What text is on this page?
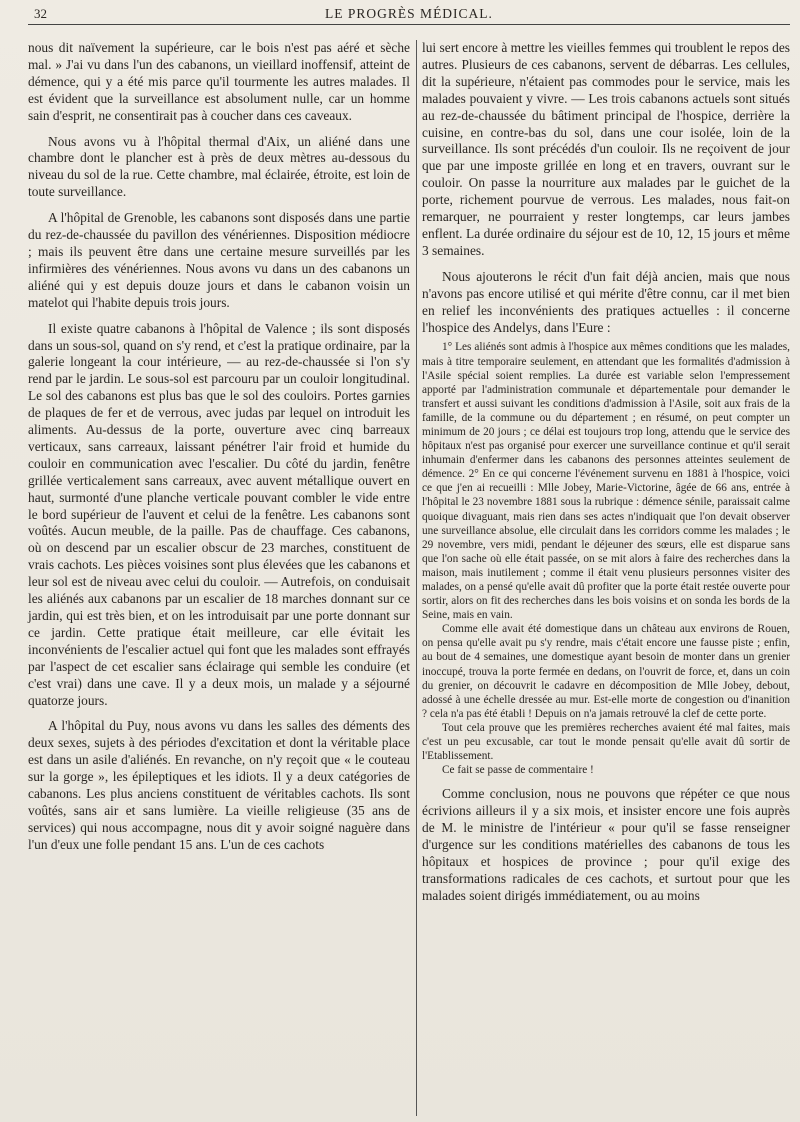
32	LE PROGRÈS MÉDICAL.

nous dit naïvement la supérieure, car le bois n'est pas aéré et sèche mal. » J'ai vu dans l'un des cabanons, un vieillard inoffensif, atteint de démence, qui y a été mis parce qu'il tourmente les autres malades. Il est évident que la surveillance est absolument nulle, car un homme sain d'esprit, ne consentirait pas à coucher dans ces caveaux.

Nous avons vu à l'hôpital thermal d'Aix, un aliéné dans une chambre dont le plancher est à près de deux mètres au-dessous du niveau du sol de la rue. Cette chambre, mal éclairée, étroite, est loin de toute surveillance.

A l'hôpital de Grenoble, les cabanons sont disposés dans une partie du rez-de-chaussée du pavillon des vénériennes. Disposition médiocre ; mais ils peuvent être dans une certaine mesure surveillés par les infirmières des vénériennes. Nous avons vu dans un des cabanons un aliéné qui y est depuis douze jours et dans le cabanon voisin un matelot qui l'habite depuis trois jours.

Il existe quatre cabanons à l'hôpital de Valence ; ils sont disposés dans un sous-sol, quand on s'y rend, et c'est la pratique ordinaire, par la galerie longeant la cour intérieure, — au rez-de-chaussée si l'on s'y rend par le jardin. Le sous-sol est parcouru par un couloir longitudinal. Le sol des cabanons est plus bas que le sol des couloirs. Portes garnies de plaques de fer et de verrous, avec judas par lequel on introduit les aliments. Au-dessus de la porte, ouverture avec cinq barreaux verticaux, sans carreaux, laissant pénétrer l'air froid et humide du couloir en communication avec l'escalier. Du côté du jardin, fenêtre grillée verticalement sans carreaux, avec auvent métallique ouvert en haut, surmonté d'une planche verticale pouvant combler le vide entre le bord supérieur de l'auvent et celui de la fenêtre. Les cabanons sont voûtés. Aucun meuble, de la paille. Pas de chauffage. Ces cabanons, où on descend par un escalier obscur de 23 marches, constituent de vrais cachots. Les pièces voisines sont plus élevées que les cabanons et leur sol est de niveau avec celui du couloir. — Autrefois, on conduisait les aliénés aux cabanons par un escalier de 18 marches donnant sur ce jardin, qui est très bien, et on les introduisait par une porte donnant sur ce jardin. Cette pratique était meilleure, car elle évitait les inconvénients de l'escalier actuel qui font que les malades sont effrayés par l'aspect de cet escalier sans éclairage qui semble les conduire (et c'est vrai) dans une cave. Il y a deux mois, un malade y a séjourné quatorze jours.

A l'hôpital du Puy, nous avons vu dans les salles des déments des deux sexes, sujets à des périodes d'excitation et dont la véritable place est dans un asile d'aliénés. En revanche, on n'y reçoit que « le couteau sur la gorge », les épileptiques et les idiots. Il y a deux catégories de cabanons. Les plus anciens constituent de véritables cachots. Ils sont voûtés, sans air et sans lumière. La vieille religieuse (35 ans de services) qui nous accompagne, nous dit y avoir soigné naguère dans l'un d'eux une folle pendant 15 ans. L'un de ces cachots

lui sert encore à mettre les vieilles femmes qui troublent le repos des autres. Plusieurs de ces cabanons, servent de débarras. Les cellules, dit la supérieure, n'étaient pas commodes pour le service, mais les malades pouvaient y vivre. — Les trois cabanons actuels sont situés au rez-de-chaussée du bâtiment principal de l'hospice, derrière la cuisine, en contre-bas du sol, dans une cour isolée, loin de la surveillance. Ils sont précédés d'un couloir. Ils ne reçoivent de jour que par une imposte grillée en long et en travers, ouvrant sur le couloir. On passe la nourriture aux malades par le guichet de la porte, richement pourvue de verrous. Les malades, nous fait-on remarquer, ne pourraient y rester longtemps, car leurs jambes enflent. La durée ordinaire du séjour est de 10, 12, 15 jours et même 3 semaines.

Nous ajouterons le récit d'un fait déjà ancien, mais que nous n'avons pas encore utilisé et qui mérite d'être connu, car il met bien en relief les inconvénients des pratiques actuelles : il concerne l'hospice des Andelys, dans l'Eure :

1° Les aliénés sont admis à l'hospice aux mêmes conditions que les malades, mais à titre temporaire seulement, en attendant que les formalités d'admission à l'Asile spécial soient remplies. La durée est variable selon l'empressement apporté par l'administration communale et départementale pour demander le transfert et aussi suivant les conditions d'admission à l'Asile, soit aux frais de la famille, de la commune ou du département ; en résumé, on peut compter un minimum de 20 jours ; ce délai est toujours trop long, attendu que le service des hôpitaux n'est pas organisé pour exercer une surveillance continue et qu'il serait inhumain d'enfermer dans les cabanons des personnes atteintes seulement de démence. 2° En ce qui concerne l'événement survenu en 1881 à l'hospice, voici ce que j'en ai recueilli : Mlle Jobey, Marie-Victorine, âgée de 66 ans, entrée à l'hôpital le 23 novembre 1881 sous la rubrique : démence sénile, paraissait calme quoique divaguant, mais rien dans ses actes n'indiquait que l'on devait observer une surveillance absolue, elle circulait dans les corridors comme les malades ; le 29 novembre, vers midi, pendant le déjeuner des sœurs, elle est disparue sans que l'on sache où elle était passée, on se mit alors à faire des recherches dans la maison, mais inutilement ; comme il était venu plusieurs personnes visiter des malades, on a pensé qu'elle avait dû profiter que la porte était restée ouverte pour sortir, alors on fit des recherches dans les bois voisins et on sonda les bords de la Seine, mais en vain.

Comme elle avait été domestique dans un château aux environs de Rouen, on pensa qu'elle avait pu s'y rendre, mais c'était encore une fausse piste ; enfin, au bout de 4 semaines, une domestique ayant besoin de monter dans un grenier inoccupé, trouva la porte fermée en dedans, on l'ouvrit de force, et, dans un coin du grenier, on découvrit le cadavre en décomposition de Mlle Jobey, debout, adossé à une échelle dressée au mur. Est-elle morte de congestion ou d'inanition ? cela n'a pas été établi ! Depuis on n'a jamais retrouvé la clef de cette porte.

Tout cela prouve que les premières recherches avaient été mal faites, mais c'est un peu excusable, car tout le monde pensait qu'elle avait dû sortir de l'Etablissement.

Ce fait se passe de commentaire !

Comme conclusion, nous ne pouvons que répéter ce que nous écrivions ailleurs il y a six mois, et insister encore une fois auprès de M. le ministre de l'intérieur « pour qu'il se fasse renseigner d'urgence sur les conditions matérielles des cabanons de tous les hôpitaux et hospices de province ; pour qu'il exige des transformations radicales de ces cachots, et surtout pour que les malades soient dirigés immédiatement, ou au moins
